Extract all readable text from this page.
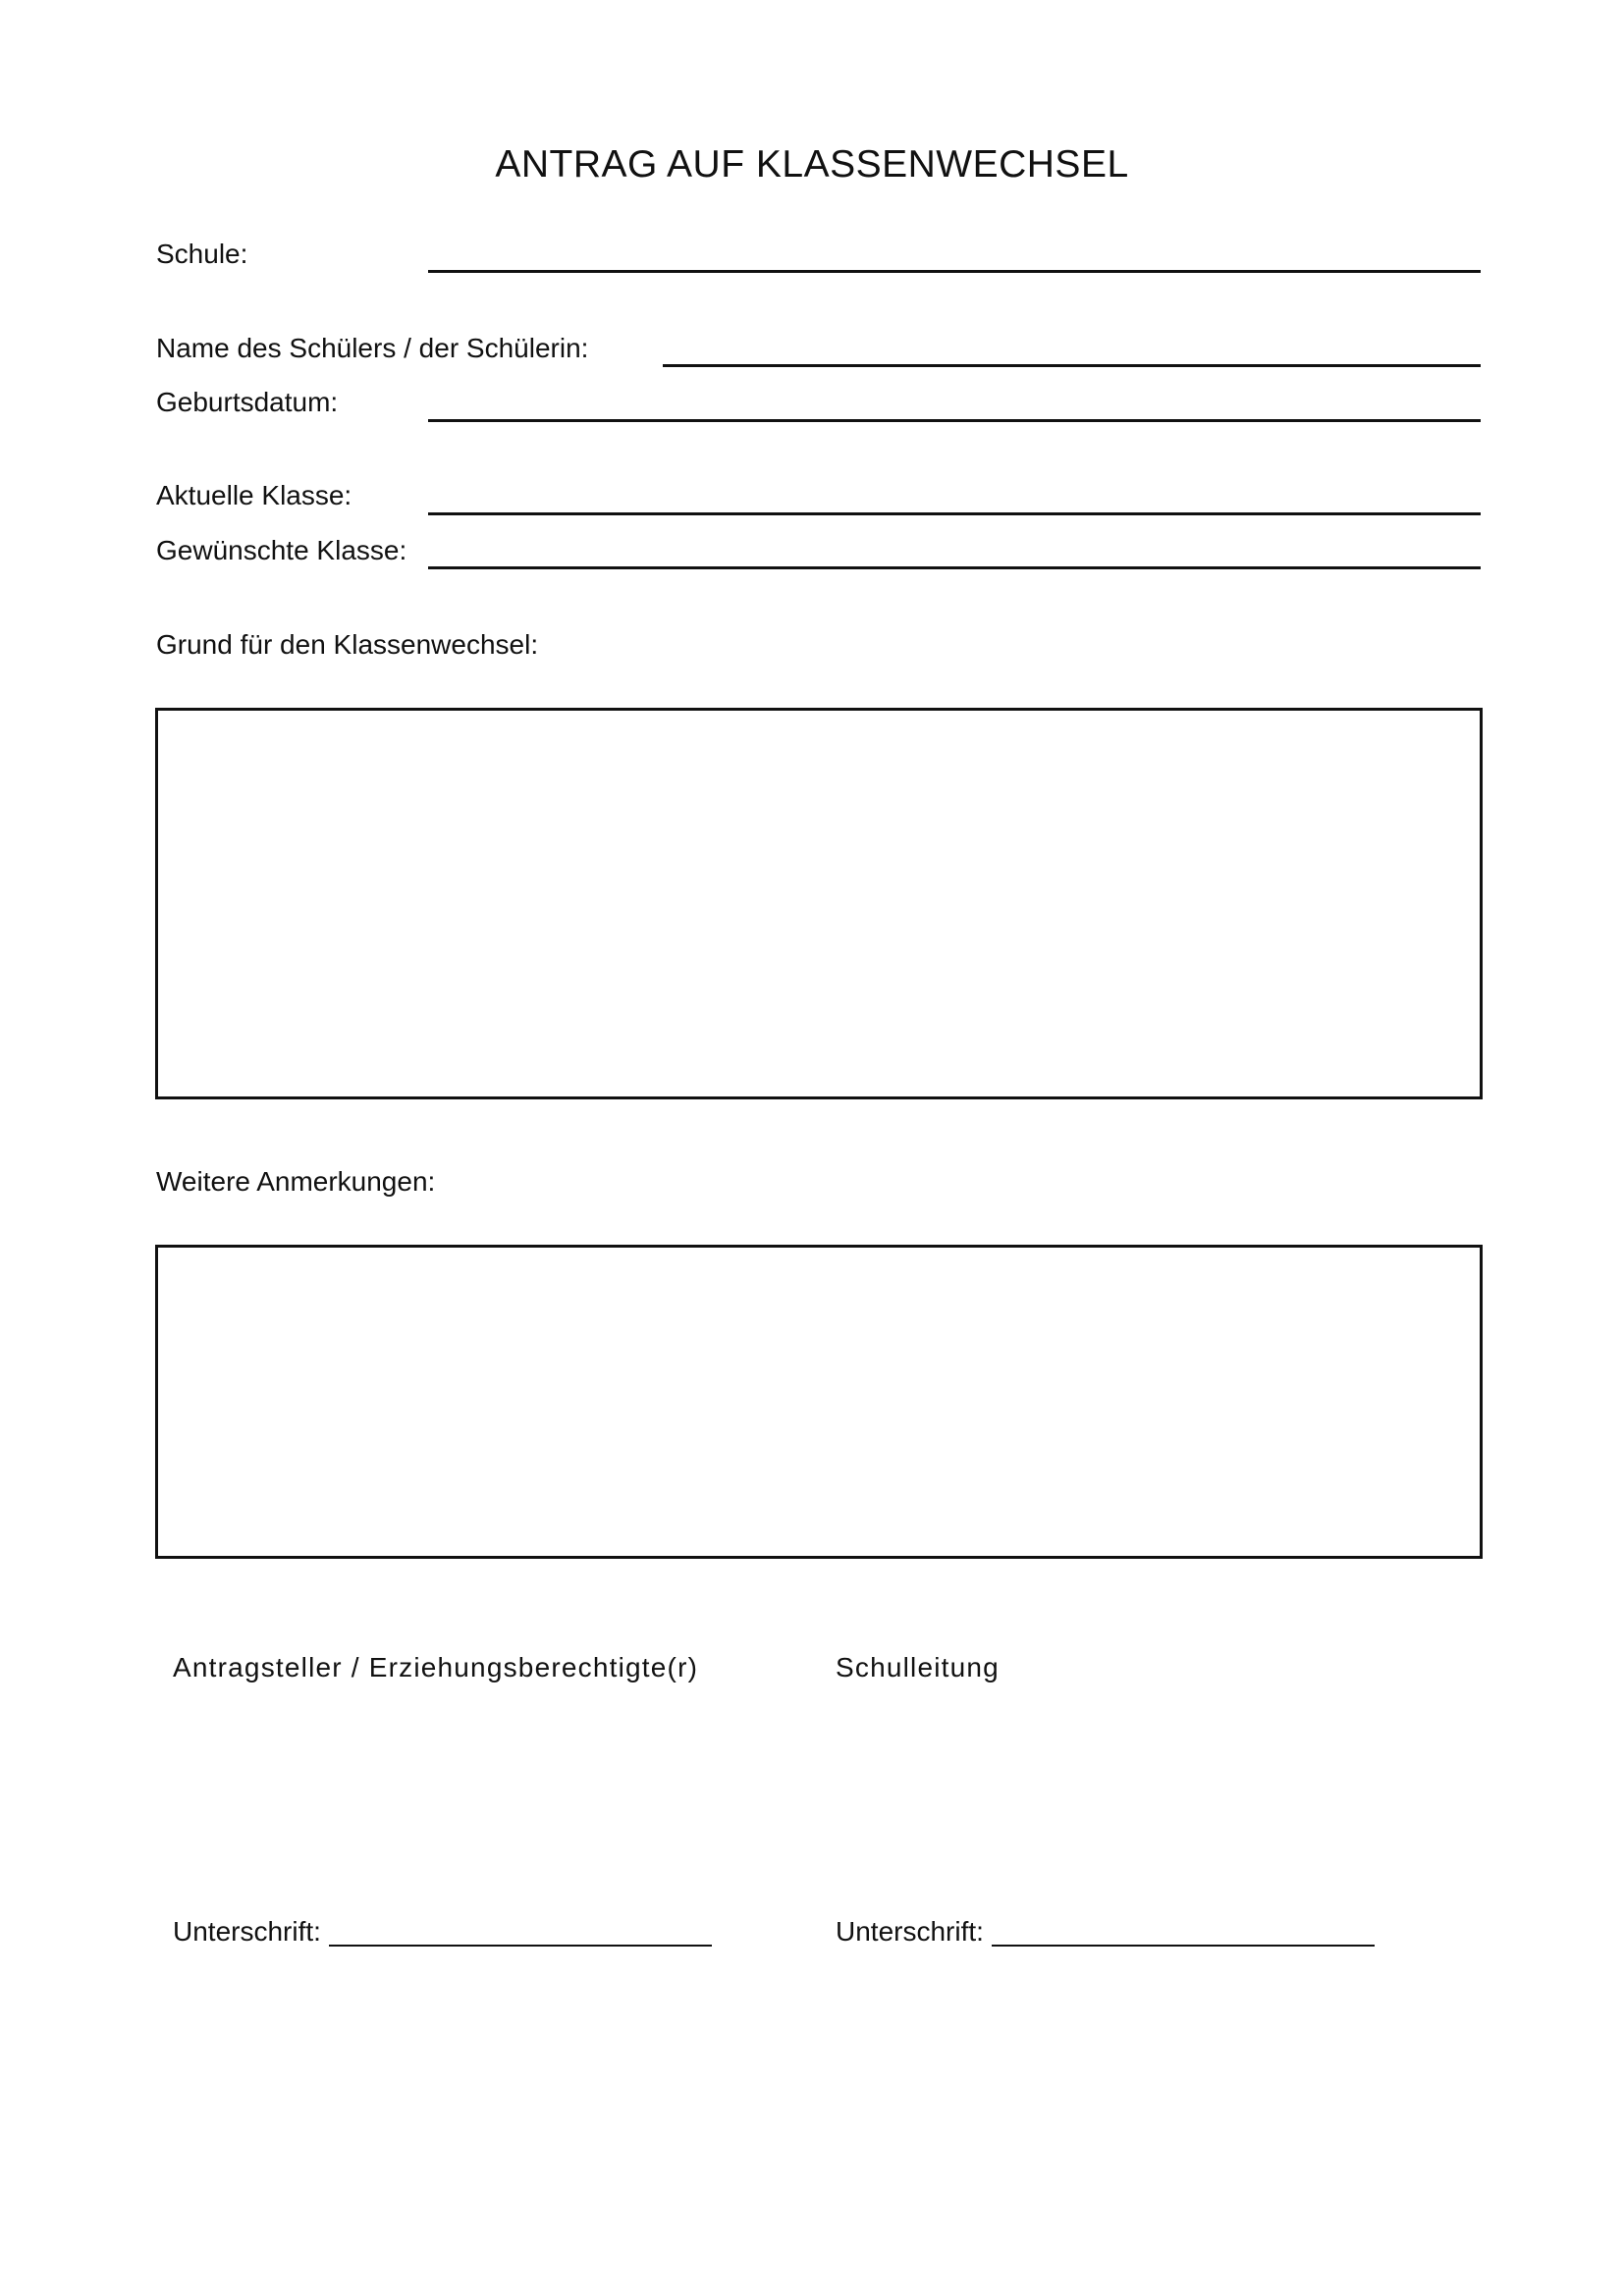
ANTRAG AUF KLASSENWECHSEL
Schule:
Name des Schülers / der Schülerin:
Geburtsdatum:
Aktuelle Klasse:
Gewünschte Klasse:
Grund für den Klassenwechsel:
Weitere Anmerkungen:
Antragsteller / Erziehungsberechtigte(r)	Schulleitung
Unterschrift:	Unterschrift:
